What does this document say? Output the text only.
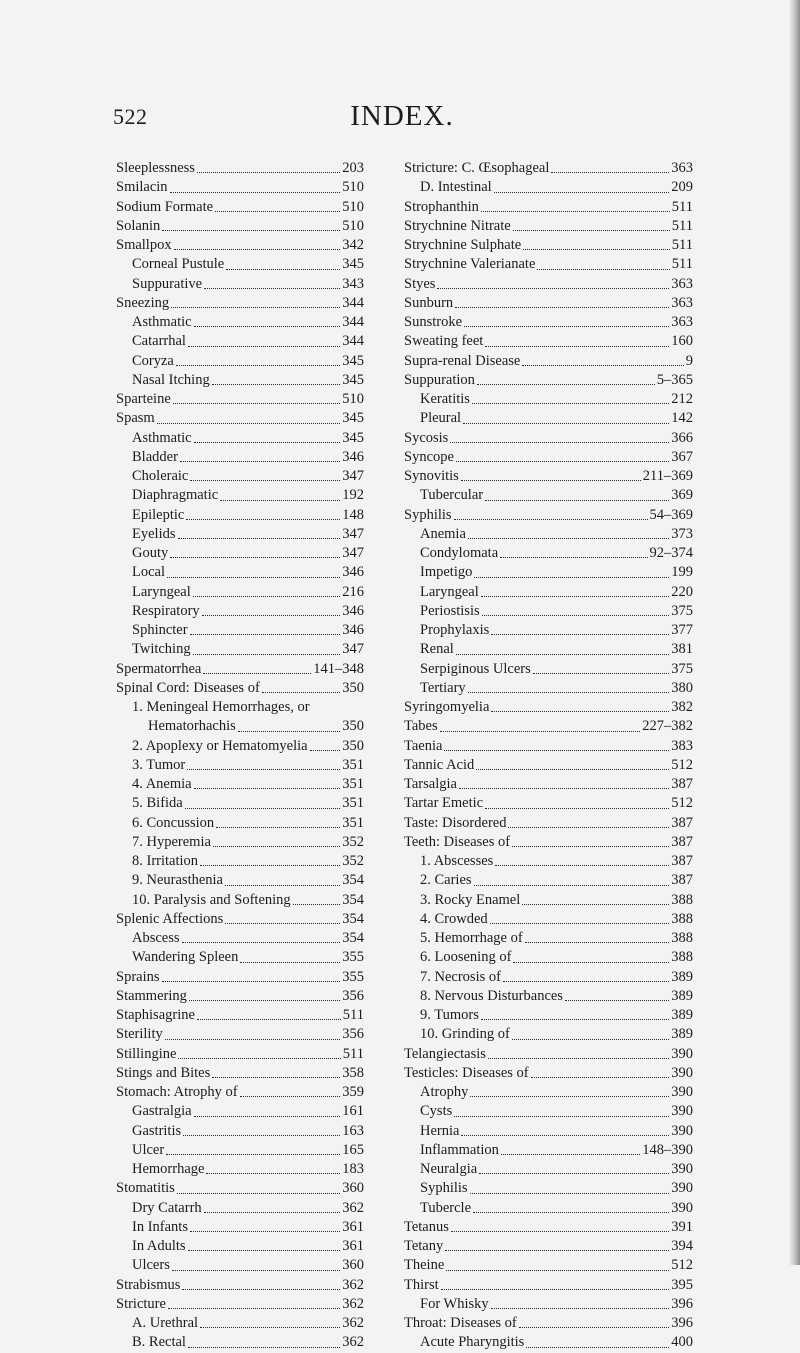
522	INDEX.
Sleeplessness	203
Smilacin	510
Sodium Formate	510
Solanin	510
Smallpox	342
Corneal Pustule	345
Suppurative	343
Sneezing	344
Asthmatic	344
Catarrhal	344
Coryza	345
Nasal Itching	345
Sparteine	510
Spasm	345
Asthmatic	345
Bladder	346
Choleraic	347
Diaphragmatic	192
Epileptic	148
Eyelids	347
Gouty	347
Local	346
Laryngeal	216
Respiratory	346
Sphincter	346
Twitching	347
Spermatorrhea	141–348
Spinal Cord: Diseases of	350
1. Meningeal Hemorrhages, or
Hematorhachis	350
2. Apoplexy or Hematomyelia 350
3. Tumor	351
4. Anemia	351
5. Bifida	351
6. Concussion	351
7. Hyperemia	352
8. Irritation	352
9. Neurasthenia	354
10. Paralysis and Softening	354
Splenic Affections	354
Abscess	354
Wandering Spleen	355
Sprains	355
Stammering	356
Staphisagrine	511
Sterility	356
Stillingine	511
Stings and Bites	358
Stomach: Atrophy of	359
Gastralgia	161
Gastritis	163
Ulcer	165
Hemorrhage	183
Stomatitis	360
Dry Catarrh	362
In Infants	361
In Adults	361
Ulcers	360
Strabismus	362
Stricture	362
A. Urethral	362
B. Rectal	362
Stricture: C. Œsophageal	363
D. Intestinal	209
Strophanthin	511
Strychnine Nitrate	511
Strychnine Sulphate	511
Strychnine Valerianate	511
Styes	363
Sunburn	363
Sunstroke	363
Sweating feet	160
Supra-renal Disease	9
Suppuration	5–365
Keratitis	212
Pleural	142
Sycosis	366
Syncope	367
Synovitis	211–369
Tubercular	369
Syphilis	54–369
Anemia	373
Condylomata	92–374
Impetigo	199
Laryngeal	220
Periostisis	375
Prophylaxis	377
Renal	381
Serpiginous Ulcers	375
Tertiary	380
Syringomyelia	382
Tabes	227–382
Taenia	383
Tannic Acid	512
Tarsalgia	387
Tartar Emetic	512
Taste: Disordered	387
Teeth: Diseases of	387
1. Abscesses	387
2. Caries	387
3. Rocky Enamel	388
4. Crowded	388
5. Hemorrhage of	388
6. Loosening of	388
7. Necrosis of	389
8. Nervous Disturbances	389
9. Tumors	389
10. Grinding of	389
Telangiectasis	390
Testicles: Diseases of	390
Atrophy	390
Cysts	390
Hernia	390
Inflammation	148–390
Neuralgia	390
Syphilis	390
Tubercle	390
Tetanus	391
Tetany	394
Theine	512
Thirst	395
For Whisky	396
Throat: Diseases of	396
Acute Pharyngitis	400
